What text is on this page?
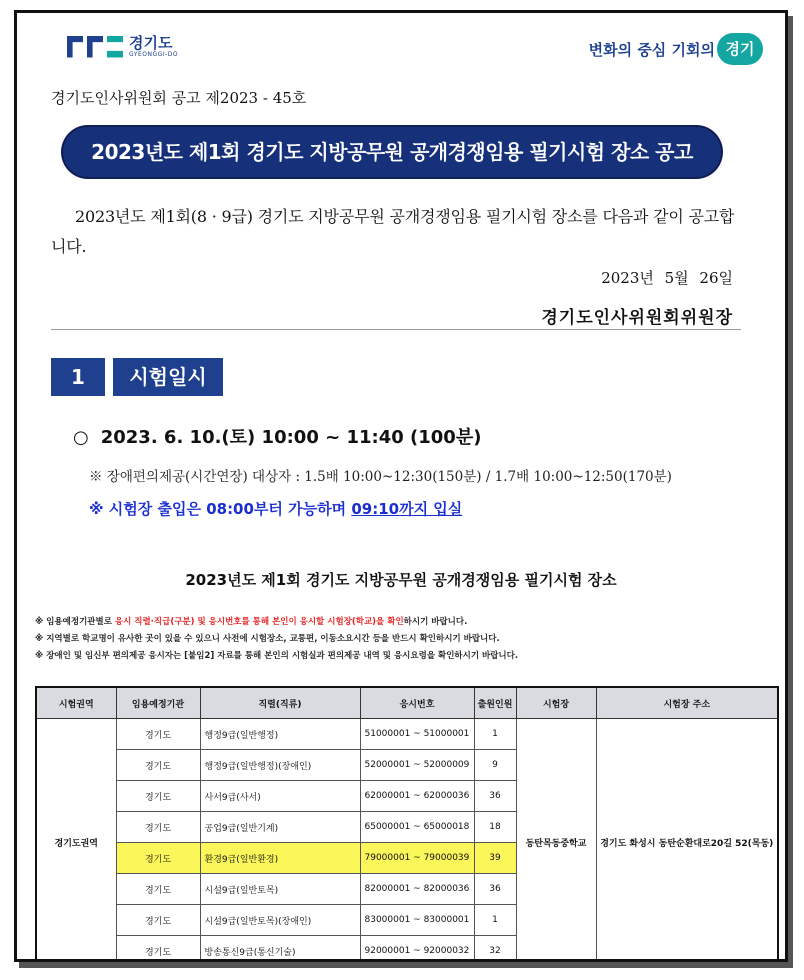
경기도
GYEONGGI-DO	변화의 중심 기회의 경기
경기도인사위원회 공고 제2023 - 45호
2023년도 제1회 경기도 지방공무원 공개경쟁임용 필기시험 장소 공고
2023년도 제1회(8 · 9급) 경기도 지방공무원 공개경쟁임용 필기시험 장소를 다음과 같이 공고합니다.
2023년 5월 26일
경기도인사위원회위원장
1	시험일시
○ 2023. 6. 10.(토) 10:00 ~ 11:40 (100분)
※ 장애편의제공(시간연장) 대상자 : 1.5배 10:00~12:30(150분) / 1.7배 10:00~12:50(170분)
※ 시험장 출입은 08:00부터 가능하며 09:10까지 입실
2023년도 제1회 경기도 지방공무원 공개경쟁임용 필기시험 장소
※ 임용예정기관별로 응시 직렬·직급(구분) 및 응시번호를 통해 본인이 응시할 시험장(학교)을 확인하시기 바랍니다.
※ 지역별로 학교명이 유사한 곳이 있을 수 있으니 사전에 시험장소, 교통편, 이동소요시간 등을 반드시 확인하시기 바랍니다.
※ 장애인 및 임신부 편의제공 응시자는 [붙임2] 자료를 통해 본인의 시험실과 편의제공 내역 및 응시요령을 확인하시기 바랍니다.
시험권역	임용예정기관	직렬(직류)	응시번호	출원인원	시험장	시험장 주소
경기도권역	경기도	행정9급(일반행정)	51000001 ~ 51000001	1	동탄목동중학교	경기도 화성시 동탄순환대로20길 52(목동)
	경기도	행정9급(일반행정)(장애인)	52000001 ~ 52000009	9		
	경기도	사서9급(사서)	62000001 ~ 62000036	36		
	경기도	공업9급(일반기계)	65000001 ~ 65000018	18		
	경기도	환경9급(일반환경)	79000001 ~ 79000039	39		
	경기도	시설9급(일반토목)	82000001 ~ 82000036	36		
	경기도	시설9급(일반토목)(장애인)	83000001 ~ 83000001	1		
	경기도	방송통신9급(통신기술)	92000001 ~ 92000032	32		
